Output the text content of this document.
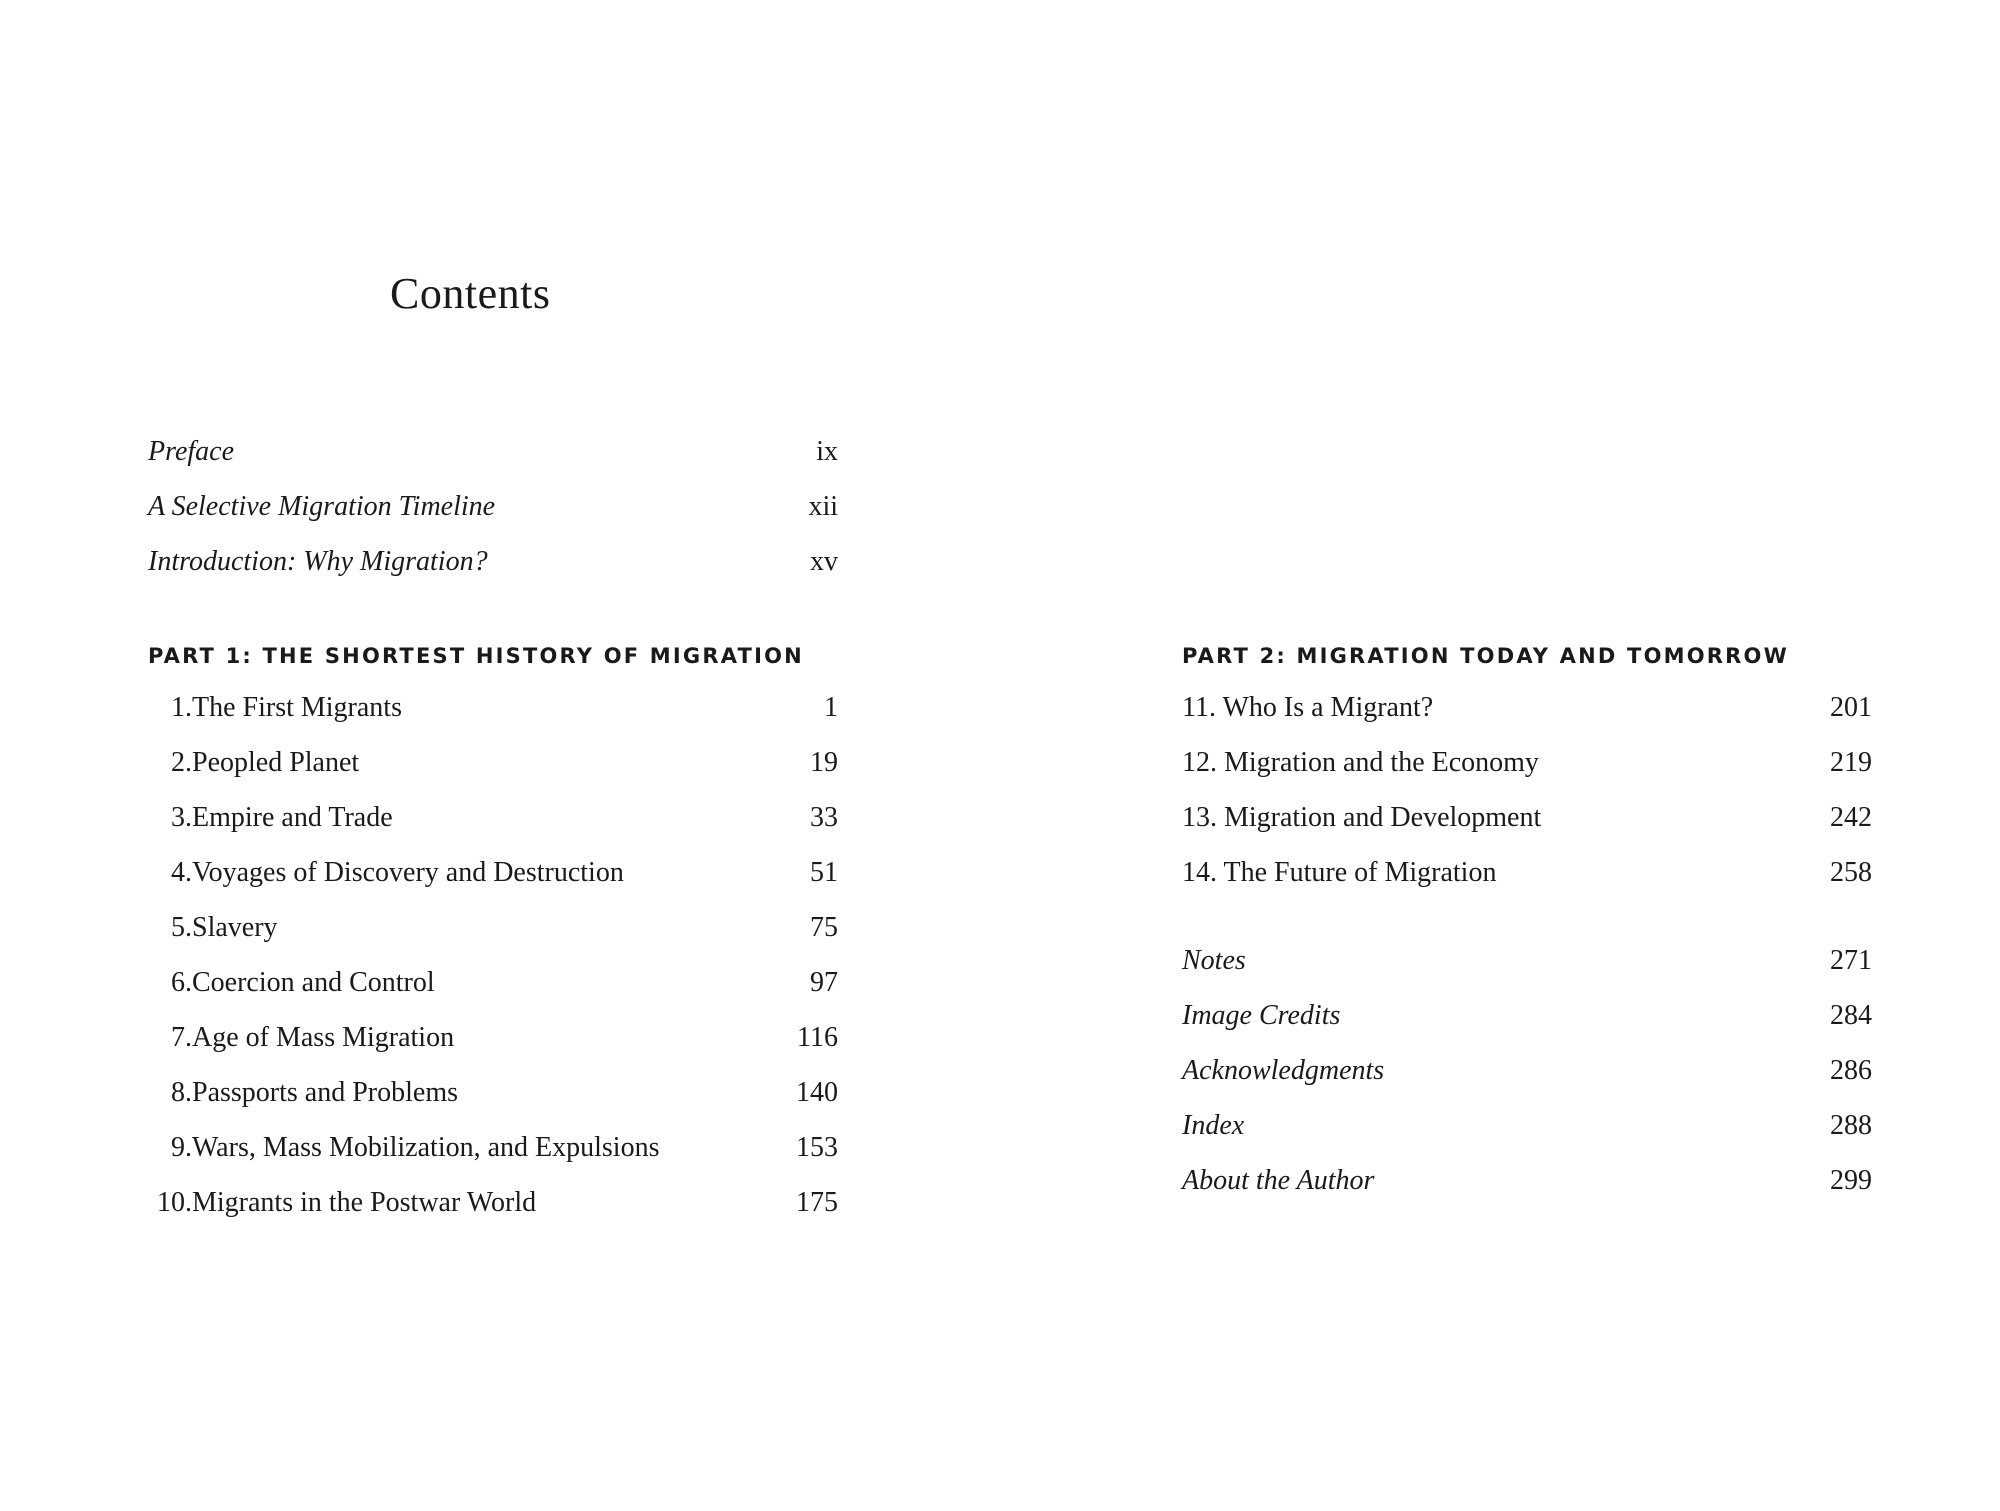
Contents
Preface	ix
A Selective Migration Timeline	xii
Introduction: Why Migration?	xv
PART 1: THE SHORTEST HISTORY OF MIGRATION
1. The First Migrants	1
2. Peopled Planet	19
3. Empire and Trade	33
4. Voyages of Discovery and Destruction	51
5. Slavery	75
6. Coercion and Control	97
7. Age of Mass Migration	116
8. Passports and Problems	140
9. Wars, Mass Mobilization, and Expulsions	153
10. Migrants in the Postwar World	175
PART 2: MIGRATION TODAY AND TOMORROW
11. Who Is a Migrant?	201
12. Migration and the Economy	219
13. Migration and Development	242
14. The Future of Migration	258
Notes	271
Image Credits	284
Acknowledgments	286
Index	288
About the Author	299
